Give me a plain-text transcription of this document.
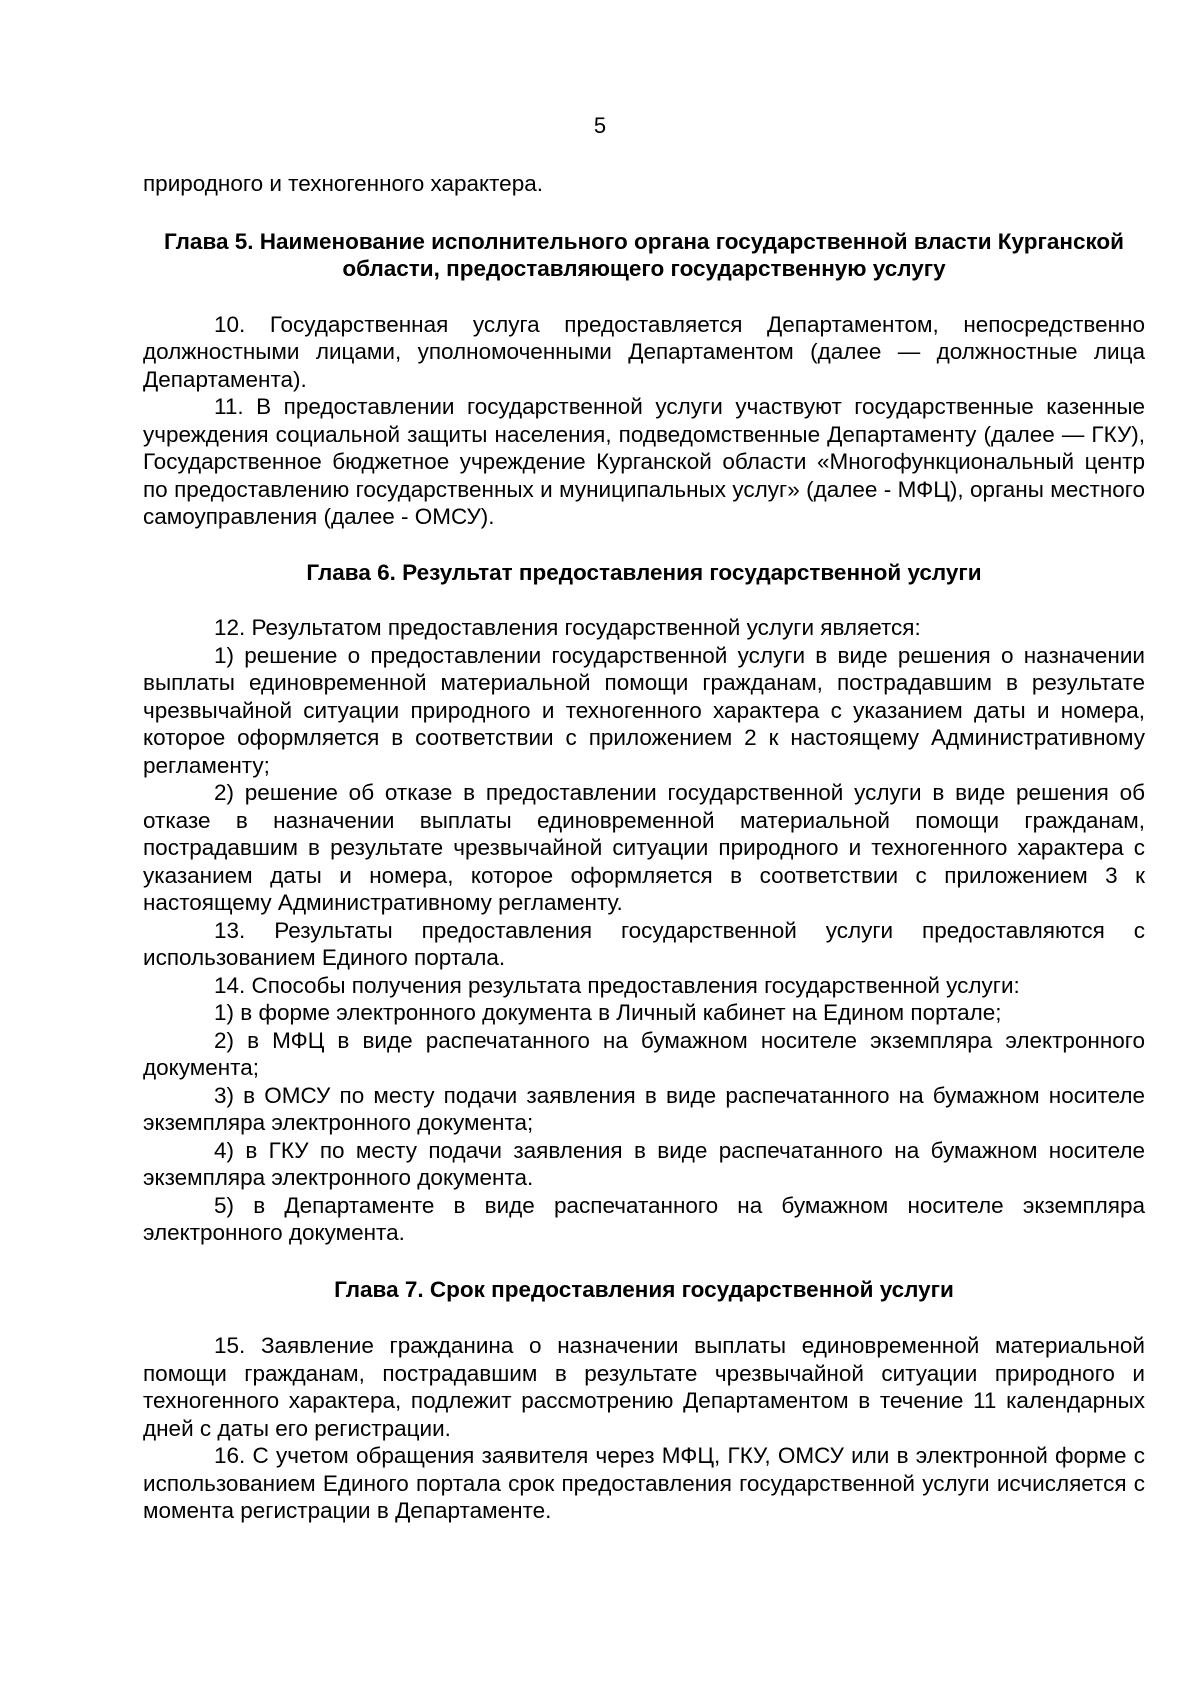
5

природного и техногенного характера.

Глава 5. Наименование исполнительного органа государственной власти Курганской области, предоставляющего государственную услугу

10. Государственная услуга предоставляется Департаментом, непосредственно должностными лицами, уполномоченными Департаментом (далее — должностные лица Департамента).

11. В предоставлении государственной услуги участвуют государственные казенные учреждения социальной защиты населения, подведомственные Департаменту (далее — ГКУ), Государственное бюджетное учреждение Курганской области «Многофункциональный центр по предоставлению государственных и муниципальных услуг» (далее - МФЦ), органы местного самоуправления (далее - ОМСУ).

Глава 6. Результат предоставления государственной услуги

12. Результатом предоставления государственной услуги является:

1) решение о предоставлении государственной услуги в виде решения о назначении выплаты единовременной материальной помощи гражданам, пострадавшим в результате чрезвычайной ситуации природного и техногенного характера с указанием даты и номера, которое оформляется в соответствии с приложением 2 к настоящему Административному регламенту;

2) решение об отказе в предоставлении государственной услуги в виде решения об отказе в назначении выплаты единовременной материальной помощи гражданам, пострадавшим в результате чрезвычайной ситуации природного и техногенного характера с указанием даты и номера, которое оформляется в соответствии с приложением 3 к настоящему Административному регламенту.

13. Результаты предоставления государственной услуги предоставляются с использованием Единого портала.

14. Способы получения результата предоставления государственной услуги:

1) в форме электронного документа в Личный кабинет на Едином портале;

2) в МФЦ в виде распечатанного на бумажном носителе экземпляра электронного документа;

3) в ОМСУ по месту подачи заявления в виде распечатанного на бумажном носителе экземпляра электронного документа;

4) в ГКУ по месту подачи заявления в виде распечатанного на бумажном носителе экземпляра электронного документа.

5) в Департаменте в виде распечатанного на бумажном носителе экземпляра электронного документа.

Глава 7. Срок предоставления государственной услуги

15. Заявление гражданина о назначении выплаты единовременной материальной помощи гражданам, пострадавшим в результате чрезвычайной ситуации природного и техногенного характера, подлежит рассмотрению Департаментом в течение 11 календарных дней с даты его регистрации.

16. С учетом обращения заявителя через МФЦ, ГКУ, ОМСУ или в электронной форме с использованием Единого портала срок предоставления государственной услуги исчисляется с момента регистрации в Департаменте.
